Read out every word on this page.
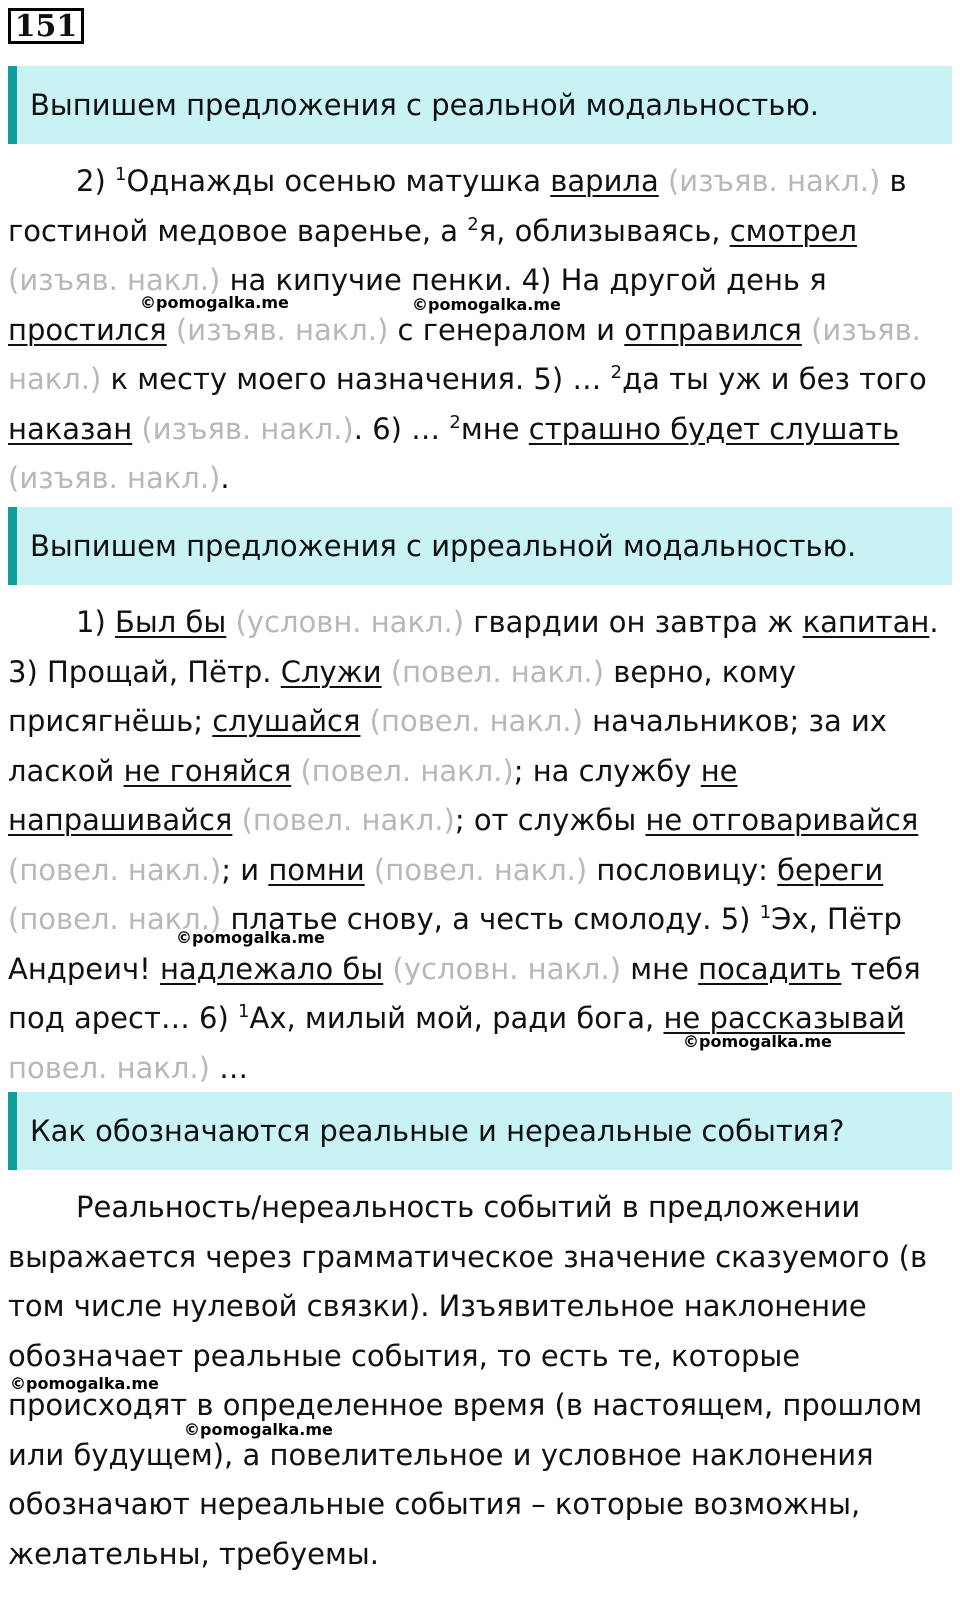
151
Выпишем предложения с реальной модальностью.

2) $^1$Однажды осенью матушка варила (изъяв. накл.) в гостиной медовое варенье, а $^2$я, облизываясь, смотрел (изъяв. накл.) на кипучие пенки. 4) На другой день я простился (изъяв. накл.) с генералом и отправился (изъяв. накл.) к месту моего назначения. 5) … $^2$да ты уж и без того наказан (изъяв. накл.). 6) … $^2$мне страшно будет слушать (изъяв. накл.).

Выпишем предложения с ирреальной модальностью.

1) Был бы (условн. накл.) гвардии он завтра ж капитан. 3) Прощай, Пётр. Служи (повел. накл.) верно, кому присягнёшь; слушайся (повел. накл.) начальников; за их лаской не гоняйся (повел. накл.); на службу не напрашивайся (повел. накл.); от службы не отговаривайся (повел. накл.); и помни (повел. накл.) пословицу: береги (повел. накл.) платье снову, а честь смолоду. 5) $^1$Эх, Пётр Андреич! надлежало бы (условн. накл.) мне посадить тебя под арест… 6) $^1$Ах, милый мой, ради бога, не рассказывай повел. накл.) …

Как обозначаются реальные и нереальные события?

Реальность/нереальность событий в предложении выражается через грамматическое значение сказуемого (в том числе нулевой связки). Изъявительное наклонение обозначает реальные события, то есть те, которые происходят в определенное время (в настоящем, прошлом или будущем), а повелительное и условное наклонения обозначают нереальные события – которые возможны, желательны, требуемы.

©pomogalka.me	©pomogalka.me
©pomogalka.me
©pomogalka.me
©pomogalka.me
©pomogalka.me
